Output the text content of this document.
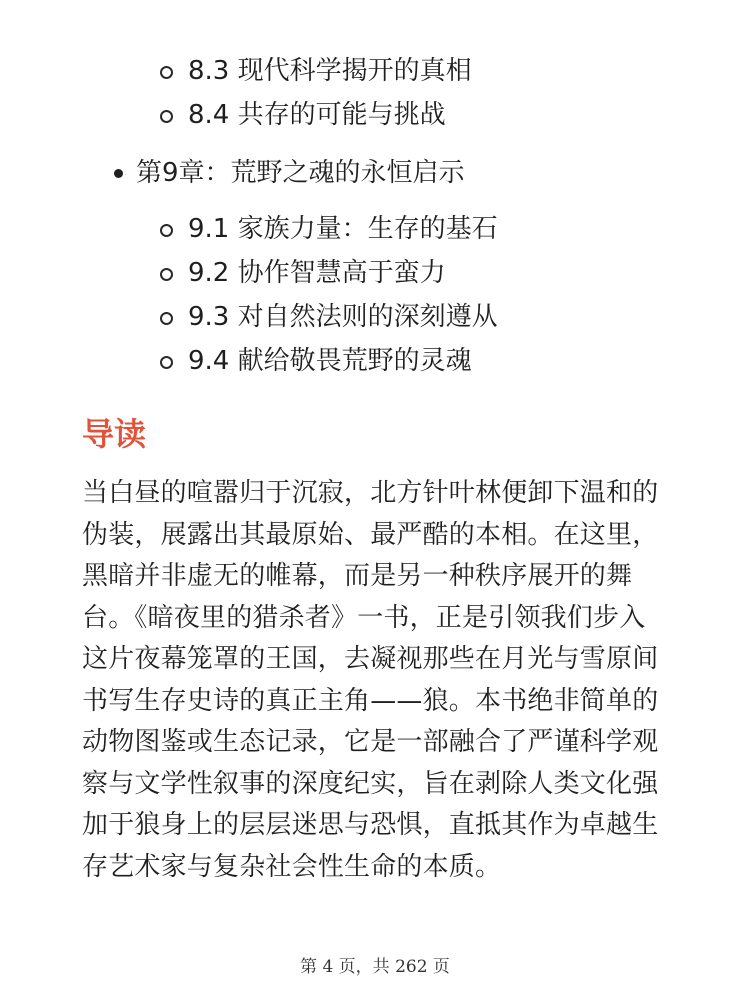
8.3 现代科学揭开的真相
8.4 共存的可能与挑战
第9章：荒野之魂的永恒启示
9.1 家族力量：生存的基石
9.2 协作智慧高于蛮力
9.3 对自然法则的深刻遵从
9.4 献给敬畏荒野的灵魂
导读

当白昼的喧嚣归于沉寂，北方针叶林便卸下温和的伪装，展露出其最原始、最严酷的本相。在这里，黑暗并非虚无的帷幕，而是另一种秩序展开的舞台。《暗夜里的猎杀者》一书，正是引领我们步入这片夜幕笼罩的王国，去凝视那些在月光与雪原间书写生存史诗的真正主角——狼。本书绝非简单的动物图鉴或生态记录，它是一部融合了严谨科学观察与文学性叙事的深度纪实，旨在剥除人类文化强加于狼身上的层层迷思与恐惧，直抵其作为卓越生存艺术家与复杂社会性生命的本质。

第 4 页，共 262 页
